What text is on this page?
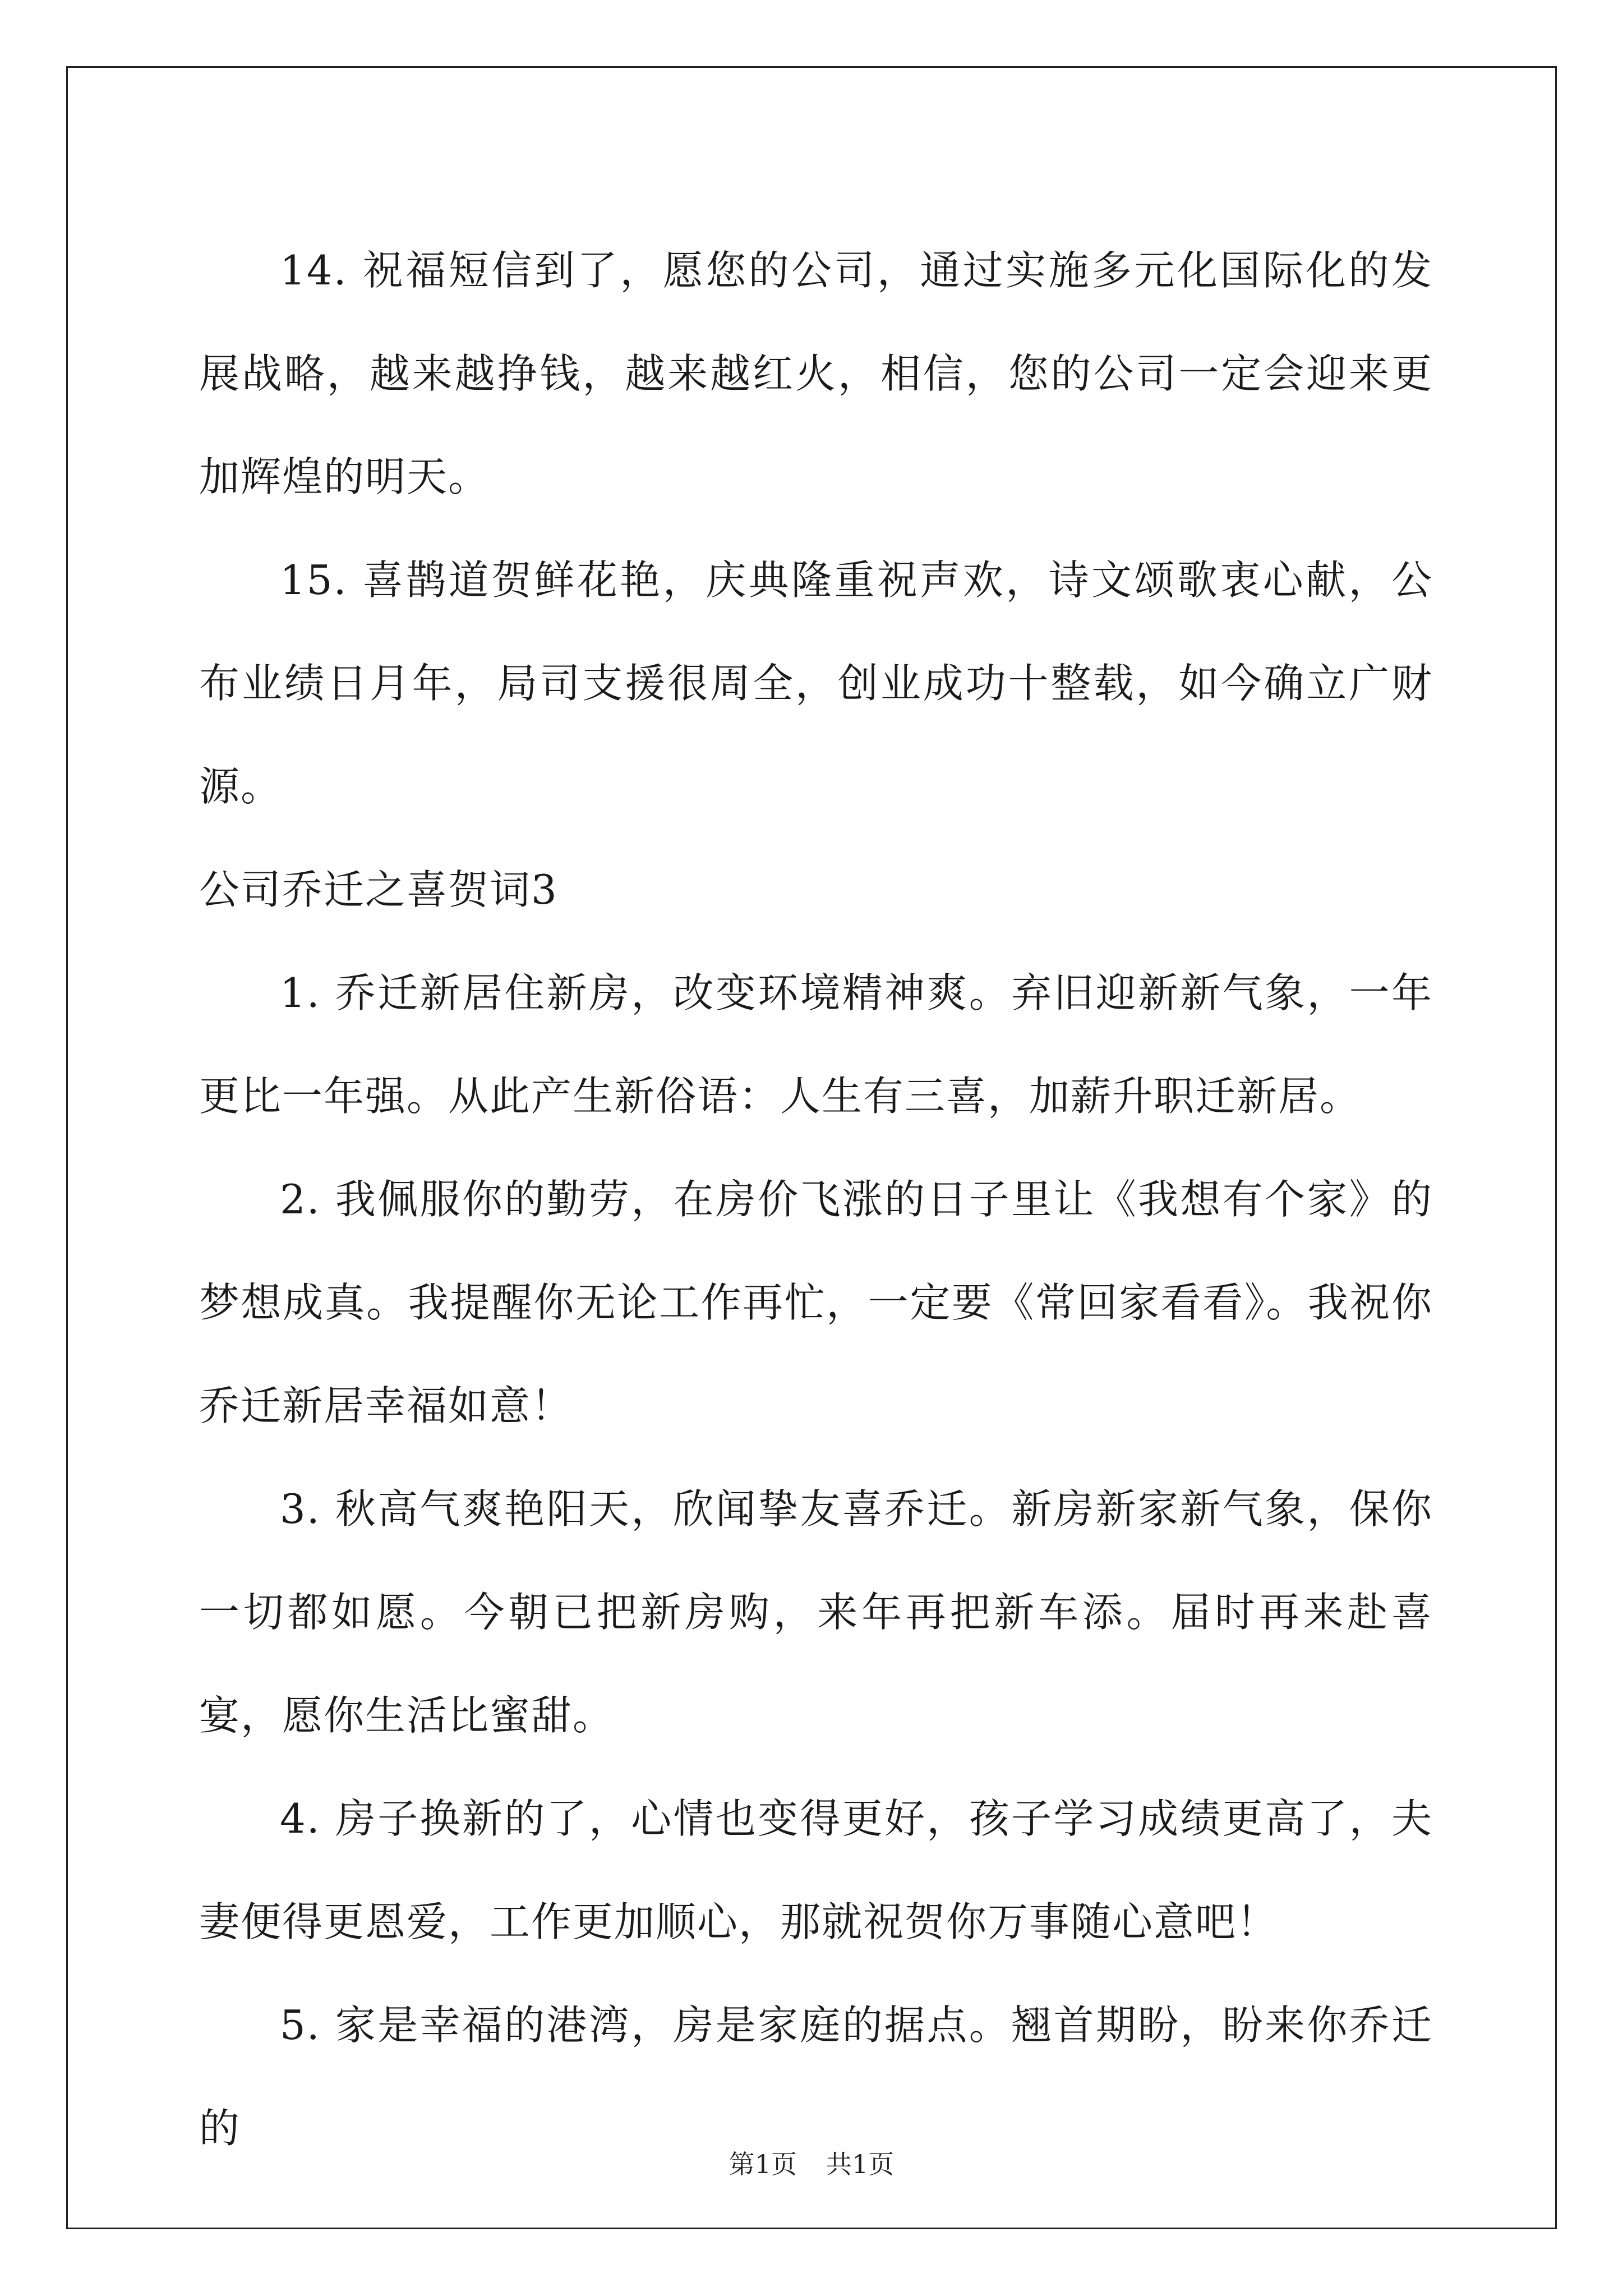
14. 祝福短信到了，愿您的公司，通过实施多元化国际化的发展战略，越来越挣钱，越来越红火，相信，您的公司一定会迎来更加辉煌的明天。

15. 喜鹊道贺鲜花艳，庆典隆重祝声欢，诗文颂歌衷心献，公布业绩日月年，局司支援很周全，创业成功十整载，如今确立广财源。

公司乔迁之喜贺词3

1. 乔迁新居住新房，改变环境精神爽。弃旧迎新新气象，一年更比一年强。从此产生新俗语：人生有三喜，加薪升职迁新居。

2. 我佩服你的勤劳，在房价飞涨的日子里让《我想有个家》的梦想成真。我提醒你无论工作再忙，一定要《常回家看看》。我祝你乔迁新居幸福如意！

3. 秋高气爽艳阳天，欣闻挚友喜乔迁。新房新家新气象，保你一切都如愿。今朝已把新房购，来年再把新车添。届时再来赴喜宴，愿你生活比蜜甜。

4. 房子换新的了，心情也变得更好，孩子学习成绩更高了，夫妻便得更恩爱，工作更加顺心，那就祝贺你万事随心意吧！

5. 家是幸福的港湾，房是家庭的据点。翘首期盼，盼来你乔迁的

第1页 共1页
